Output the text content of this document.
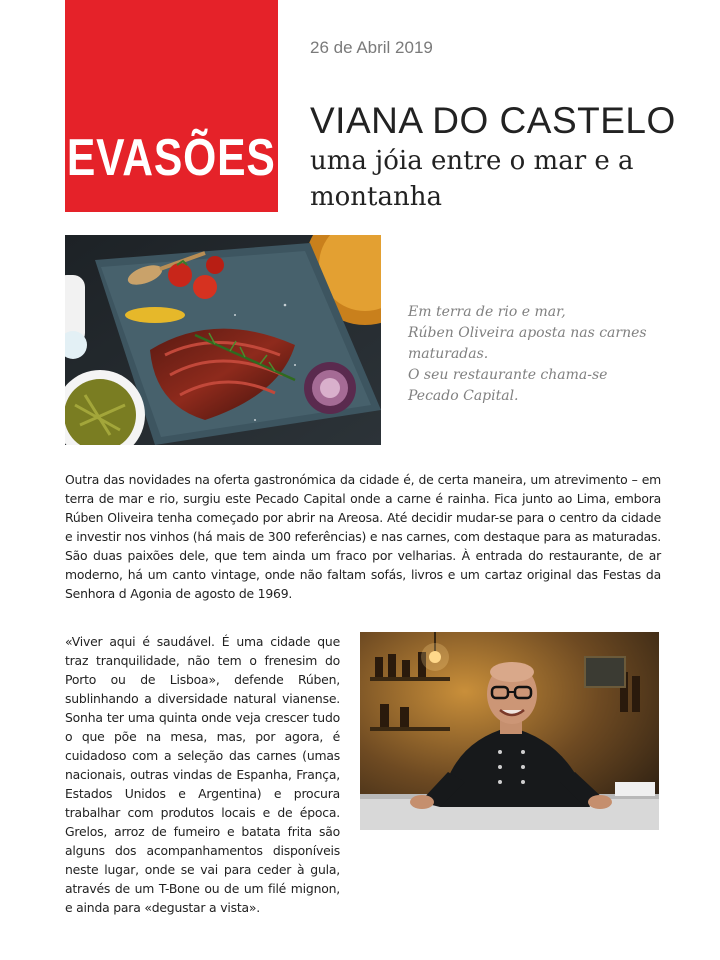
EVASÕES
26 de Abril 2019
VIANA DO CASTELO
uma jóia entre o mar e a montanha

Em terra de rio e mar,

Rúben Oliveira aposta nas carnes maturadas.

O seu restaurante chama-se

Pecado Capital.

Outra das novidades na oferta gastronómica da cidade é, de certa maneira, um atrevimento – em terra de mar e rio, surgiu este Pecado Capital onde a carne é rainha. Fica junto ao Lima, embora Rúben Oliveira tenha começado por abrir na Areosa. Até decidir mudar-se para o centro da cidade e investir nos vinhos (há mais de 300 referências) e nas carnes, com destaque para as maturadas. São duas paixões dele, que tem ainda um fraco por velharias. À entrada do restaurante, de ar moderno, há um canto vintage, onde não faltam sofás, livros e um cartaz original das Festas da Senhora d Agonia de agosto de 1969.
«Viver aqui é saudável. É uma cidade que traz tranquilidade, não tem o frenesim do Porto ou de Lisboa», defende Rúben, sublinhando a diversidade natural vianense. Sonha ter uma quinta onde veja crescer tudo o que põe na mesa, mas, por agora, é cuidadoso com a seleção das carnes (umas nacionais, outras vindas de Espanha, França, Estados Unidos e Argentina) e procura trabalhar com produtos locais e de época. Grelos, arroz de fumeiro e batata frita são alguns dos acompanhamentos disponíveis neste lugar, onde se vai para ceder à gula, através de um T-Bone ou de um filé mignon, e ainda para «degustar a vista».
